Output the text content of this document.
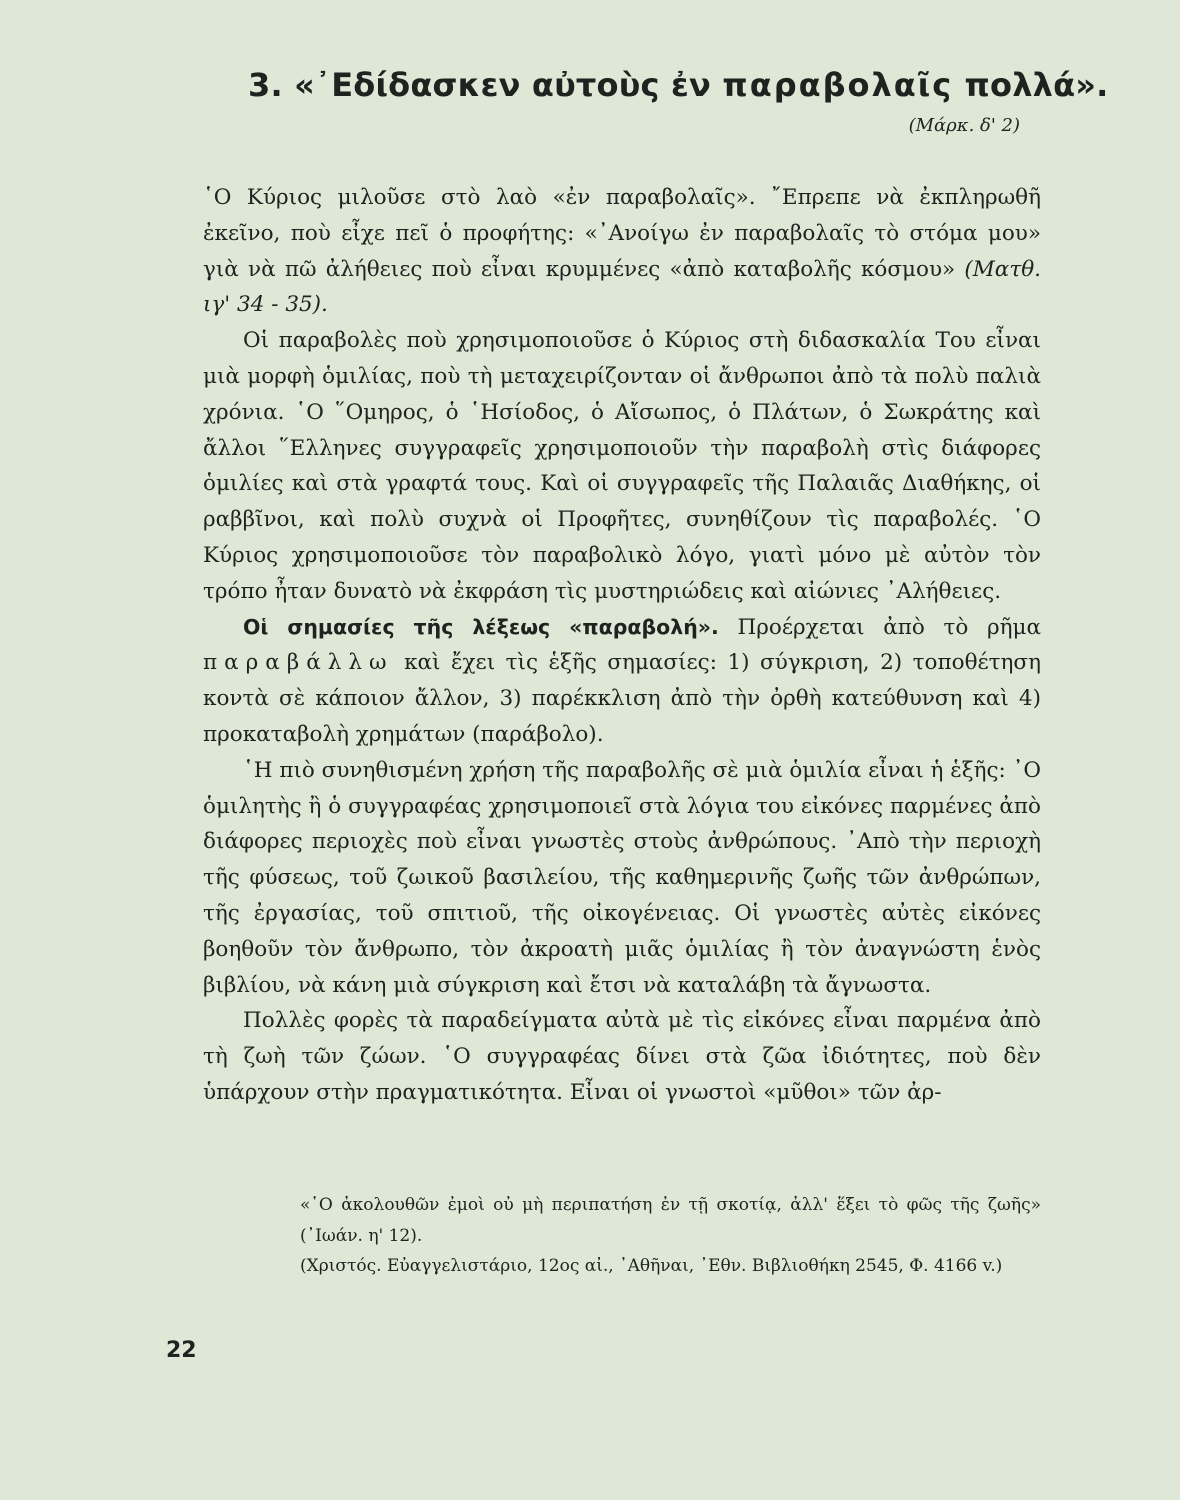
3. «᾿Εδίδασκεν αὐτοὺς ἐν παραβολαῖς πολλά».
(Μάρκ. δ' 2)

῾Ο Κύριος μιλοῦσε στὸ λαὸ «ἐν παραβολαῖς». ῎Επρεπε νὰ ἐκπληρωθῆ ἐκεῖνο, ποὺ εἶχε πεῖ ὁ προφήτης: «᾿Ανοίγω ἐν παραβολαῖς τὸ στόμα μου» γιὰ νὰ πῶ ἀλήθειες ποὺ εἶναι κρυμμένες «ἀπὸ καταβολῆς κόσμου» (Ματθ. ιγ' 34 - 35).

Οἱ παραβολὲς ποὺ χρησιμοποιοῦσε ὁ Κύριος στὴ διδασκαλία Του εἶναι μιὰ μορφὴ ὁμιλίας, ποὺ τὴ μεταχειρίζονταν οἱ ἄνθρωποι ἀπὸ τὰ πολὺ παλιὰ χρόνια. ῾Ο ῞Ομηρος, ὁ ῾Ησίοδος, ὁ Αἴσωπος, ὁ Πλάτων, ὁ Σωκράτης καὶ ἄλλοι ῞Ελληνες συγγραφεῖς χρησιμοποιοῦν τὴν παραβολὴ στὶς διάφορες ὁμιλίες καὶ στὰ γραφτά τους. Καὶ οἱ συγγραφεῖς τῆς Παλαιᾶς Διαθήκης, οἱ ραββῖνοι, καὶ πολὺ συχνὰ οἱ Προφῆτες, συνηθίζουν τὶς παραβολές. ῾Ο Κύριος χρησιμοποιοῦσε τὸν παραβολικὸ λόγο, γιατὶ μόνο μὲ αὐτὸν τὸν τρόπο ἦταν δυνατὸ νὰ ἐκφράση τὶς μυστηριώδεις καὶ αἰώνιες ᾿Αλήθειες.

Οἱ σημασίες τῆς λέξεως «παραβολή». Προέρχεται ἀπὸ τὸ ρῆμα παραβάλλω καὶ ἔχει τὶς ἑξῆς σημασίες: 1) σύγκριση, 2) τοποθέτηση κοντὰ σὲ κάποιον ἄλλον, 3) παρέκκλιση ἀπὸ τὴν ὀρθὴ κατεύθυνση καὶ 4) προκαταβολὴ χρημάτων (παράβολο).

῾Η πιὸ συνηθισμένη χρήση τῆς παραβολῆς σὲ μιὰ ὁμιλία εἶναι ἡ ἑξῆς: ᾿Ο ὁμιλητὴς ἢ ὁ συγγραφέας χρησιμοποιεῖ στὰ λόγια του εἰκόνες παρμένες ἀπὸ διάφορες περιοχὲς ποὺ εἶναι γνωστὲς στοὺς ἀνθρώπους. ᾿Απὸ τὴν περιοχὴ τῆς φύσεως, τοῦ ζωικοῦ βασιλείου, τῆς καθημερινῆς ζωῆς τῶν ἀνθρώπων, τῆς ἐργασίας, τοῦ σπιτιοῦ, τῆς οἰκογένειας. Οἱ γνωστὲς αὐτὲς εἰκόνες βοηθοῦν τὸν ἄνθρωπο, τὸν ἀκροατὴ μιᾶς ὁμιλίας ἢ τὸν ἀναγνώστη ἑνὸς βιβλίου, νὰ κάνη μιὰ σύγκριση καὶ ἔτσι νὰ καταλάβη τὰ ἄγνωστα.

Πολλὲς φορὲς τὰ παραδείγματα αὐτὰ μὲ τὶς εἰκόνες εἶναι παρμένα ἀπὸ τὴ ζωὴ τῶν ζώων. ῾Ο συγγραφέας δίνει στὰ ζῶα ἰδιότητες, ποὺ δὲν ὑπάρχουν στὴν πραγματικότητα. Εἶναι οἱ γνωστοὶ «μῦθοι» τῶν ἀρ-

«῾Ο ἀκολουθῶν ἐμοὶ οὐ μὴ περιπατήση ἐν τῇ σκοτίᾳ, ἀλλ' ἕξει τὸ φῶς τῆς ζωῆς» (᾿Ιωάν. η' 12).

(Χριστός. Εὐαγγελιστάριο, 12ος αἰ., ᾿Αθῆναι, ᾿Εθν. Βιβλιοθήκη 2545, Φ. 4166 v.)

22
